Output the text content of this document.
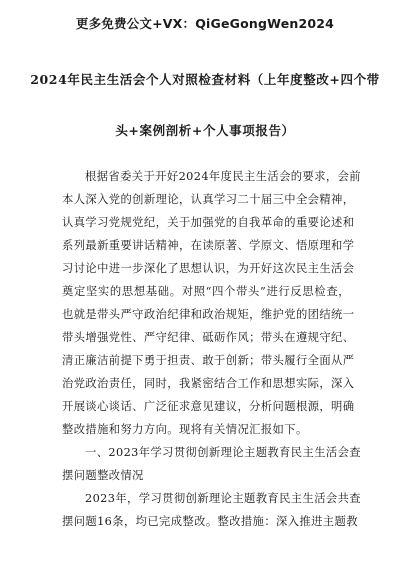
更多免费公文+VX：QiGeGongWen2024
2024年民主生活会个人对照检查材料（上年度整改+四个带
头+案例剖析+个人事项报告）
根据省委关于开好2024年度民主生活会的要求，会前
本人深入党的创新理论，认真学习二十届三中全会精神，
认真学习党规党纪，关于加强党的自我革命的重要论述和
系列最新重要讲话精神，在读原著、学原文、悟原理和学
习讨论中进一步深化了思想认识，为开好这次民主生活会
奠定坚实的思想基础。对照“四个带头”进行反思检查，
也就是带头严守政治纪律和政治规矩，维护党的团结统一
带头增强党性、严守纪律、砥砺作风；带头在遵规守纪、
清正廉洁前提下勇于担责、敢于创新；带头履行全面从严
治党政治责任，同时，我紧密结合工作和思想实际，深入
开展谈心谈话、广泛征求意见建议，分析问题根源，明确
整改措施和努力方向。现将有关情况汇报如下。
一、2023年学习贯彻创新理论主题教育民主生活会查
摆问题整改情况
2023年，学习贯彻创新理论主题教育民主生活会共查
摆问题16条，均已完成整改。整改措施：深入推进主题教
